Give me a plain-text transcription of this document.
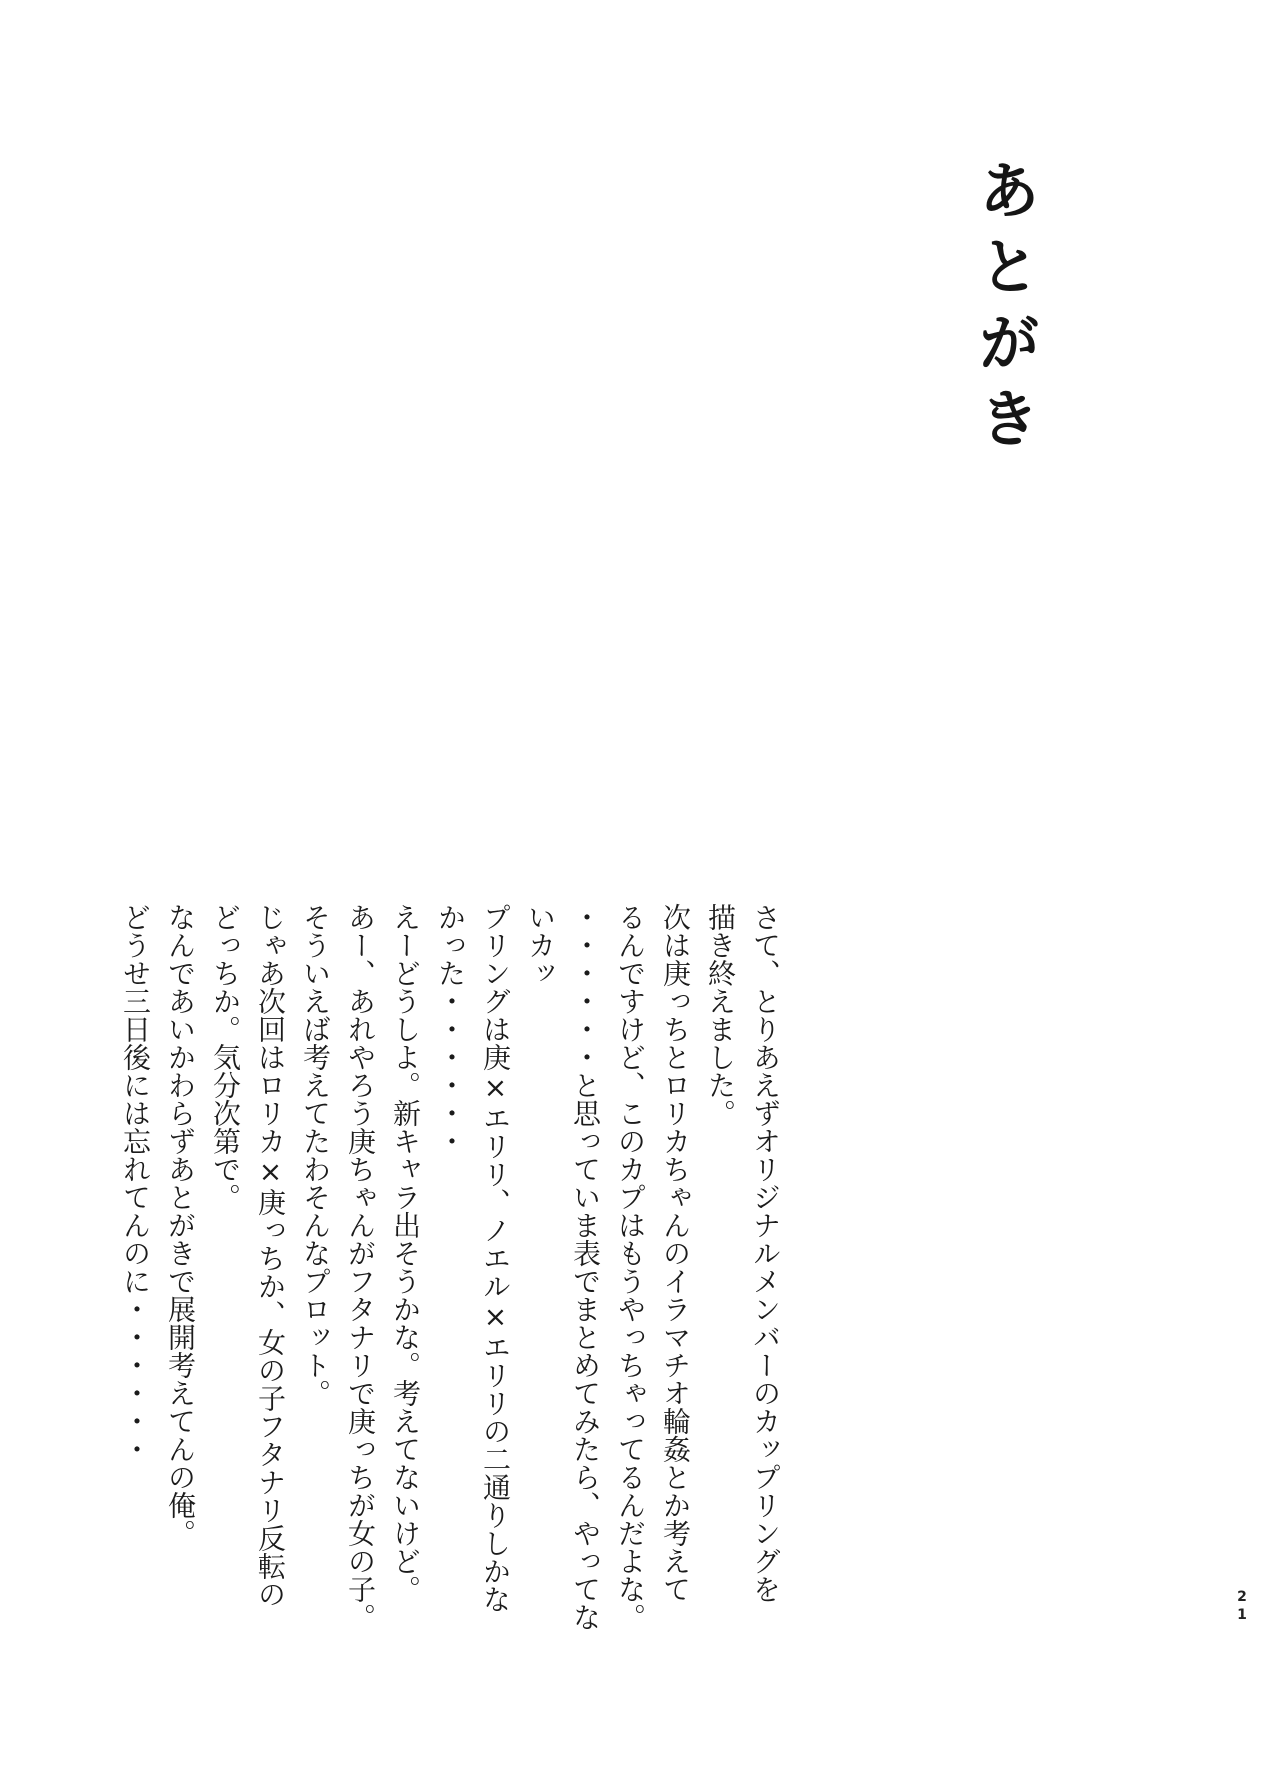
あとがき

さて、とりあえずオリジナルメンバーのカップリングを

描き終えました。

次は庚っちとロリカちゃんのイラマチオ輪姦とか考えて

るんですけど、このカプはもうやっちゃってるんだよな。

・・・・・・と思っていま表でまとめてみたら、やってないカッ

プリングは庚×エリリ、ノエル×エリリの二通りしかな

かった・・・・・・

えーどうしよ。新キャラ出そうかな。考えてないけど。

あー、あれやろう庚ちゃんがフタナリで庚っちが女の子。

そういえば考えてたわそんなプロット。

じゃあ次回はロリカ×庚っちか、女の子フタナリ反転の

どっちか。気分次第で。

なんであいかわらずあとがきで展開考えてんの俺。

どうせ三日後には忘れてんのに・・・・・・

21
